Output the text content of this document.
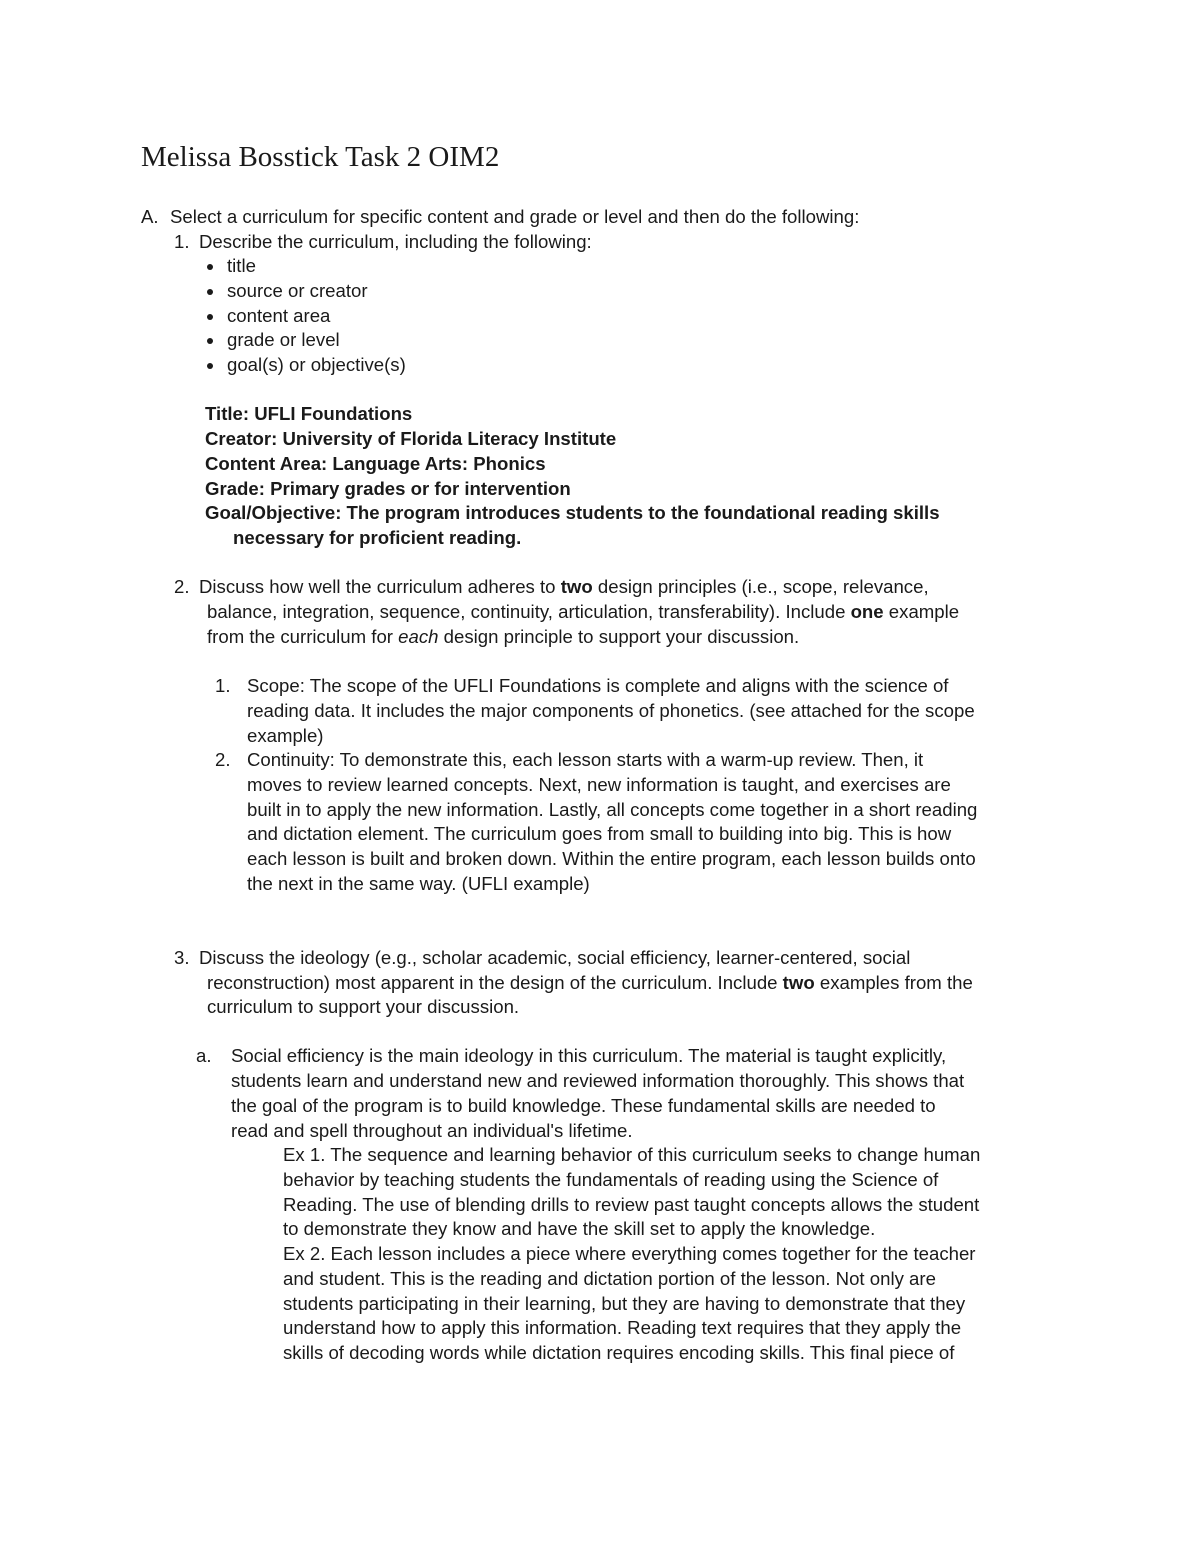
Melissa Bosstick Task 2 OIM2
A. Select a curriculum for specific content and grade or level and then do the following:
1. Describe the curriculum, including the following:
title
source or creator
content area
grade or level
goal(s) or objective(s)
Title: UFLI Foundations
Creator: University of Florida Literacy Institute
Content Area: Language Arts: Phonics
Grade: Primary grades or for intervention
Goal/Objective: The program introduces students to the foundational reading skills
necessary for proficient reading.
2. Discuss how well the curriculum adheres to two design principles (i.e., scope, relevance,
balance, integration, sequence, continuity, articulation, transferability). Include one example
from the curriculum for each design principle to support your discussion.
1. Scope: The scope of the UFLI Foundations is complete and aligns with the science of
reading data. It includes the major components of phonetics. (see attached for the scope
example)
2. Continuity: To demonstrate this, each lesson starts with a warm-up review. Then, it
moves to review learned concepts. Next, new information is taught, and exercises are
built in to apply the new information. Lastly, all concepts come together in a short reading
and dictation element. The curriculum goes from small to building into big. This is how
each lesson is built and broken down. Within the entire program, each lesson builds onto
the next in the same way. (UFLI example)
3. Discuss the ideology (e.g., scholar academic, social efficiency, learner-centered, social
reconstruction) most apparent in the design of the curriculum. Include two examples from the
curriculum to support your discussion.
a. Social efficiency is the main ideology in this curriculum. The material is taught explicitly,
students learn and understand new and reviewed information thoroughly. This shows that
the goal of the program is to build knowledge. These fundamental skills are needed to
read and spell throughout an individual's lifetime.
Ex 1. The sequence and learning behavior of this curriculum seeks to change human
behavior by teaching students the fundamentals of reading using the Science of
Reading. The use of blending drills to review past taught concepts allows the student
to demonstrate they know and have the skill set to apply the knowledge.
Ex 2. Each lesson includes a piece where everything comes together for the teacher
and student. This is the reading and dictation portion of the lesson. Not only are
students participating in their learning, but they are having to demonstrate that they
understand how to apply this information. Reading text requires that they apply the
skills of decoding words while dictation requires encoding skills. This final piece of
